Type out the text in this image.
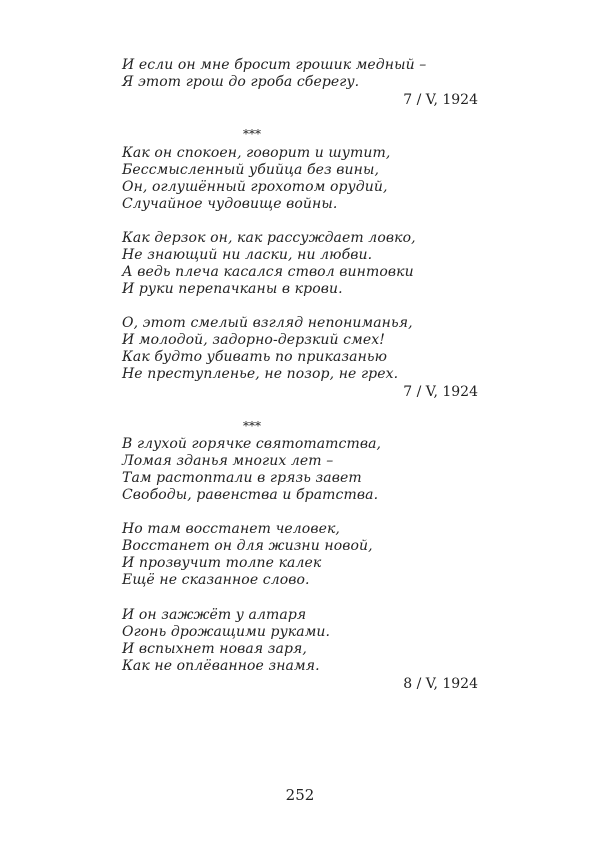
И если он мне бросит грошик медный –
Я этот грош до гроба сберегу.
7 / V, 1924
***
Как он спокоен, говорит и шутит,
Бессмысленный убийца без вины,
Он, оглушённый грохотом орудий,
Случайное чудовище войны.
Как дерзок он, как рассуждает ловко,
Не знающий ни ласки, ни любви.
А ведь плеча касался ствол винтовки
И руки перепачканы в крови.
О, этот смелый взгляд непониманья,
И молодой, задорно-дерзкий смех!
Как будто убивать по приказанью
Не преступленье, не позор, не грех.
7 / V, 1924
***
В глухой горячке святотатства,
Ломая зданья многих лет –
Там растоптали в грязь завет
Свободы, равенства и братства.
Но там восстанет человек,
Восстанет он для жизни новой,
И прозвучит толпе калек
Ещё не сказанное слово.
И он зажжёт у алтаря
Огонь дрожащими руками.
И вспыхнет новая заря,
Как не оплёванное знамя.
8 / V, 1924
252
